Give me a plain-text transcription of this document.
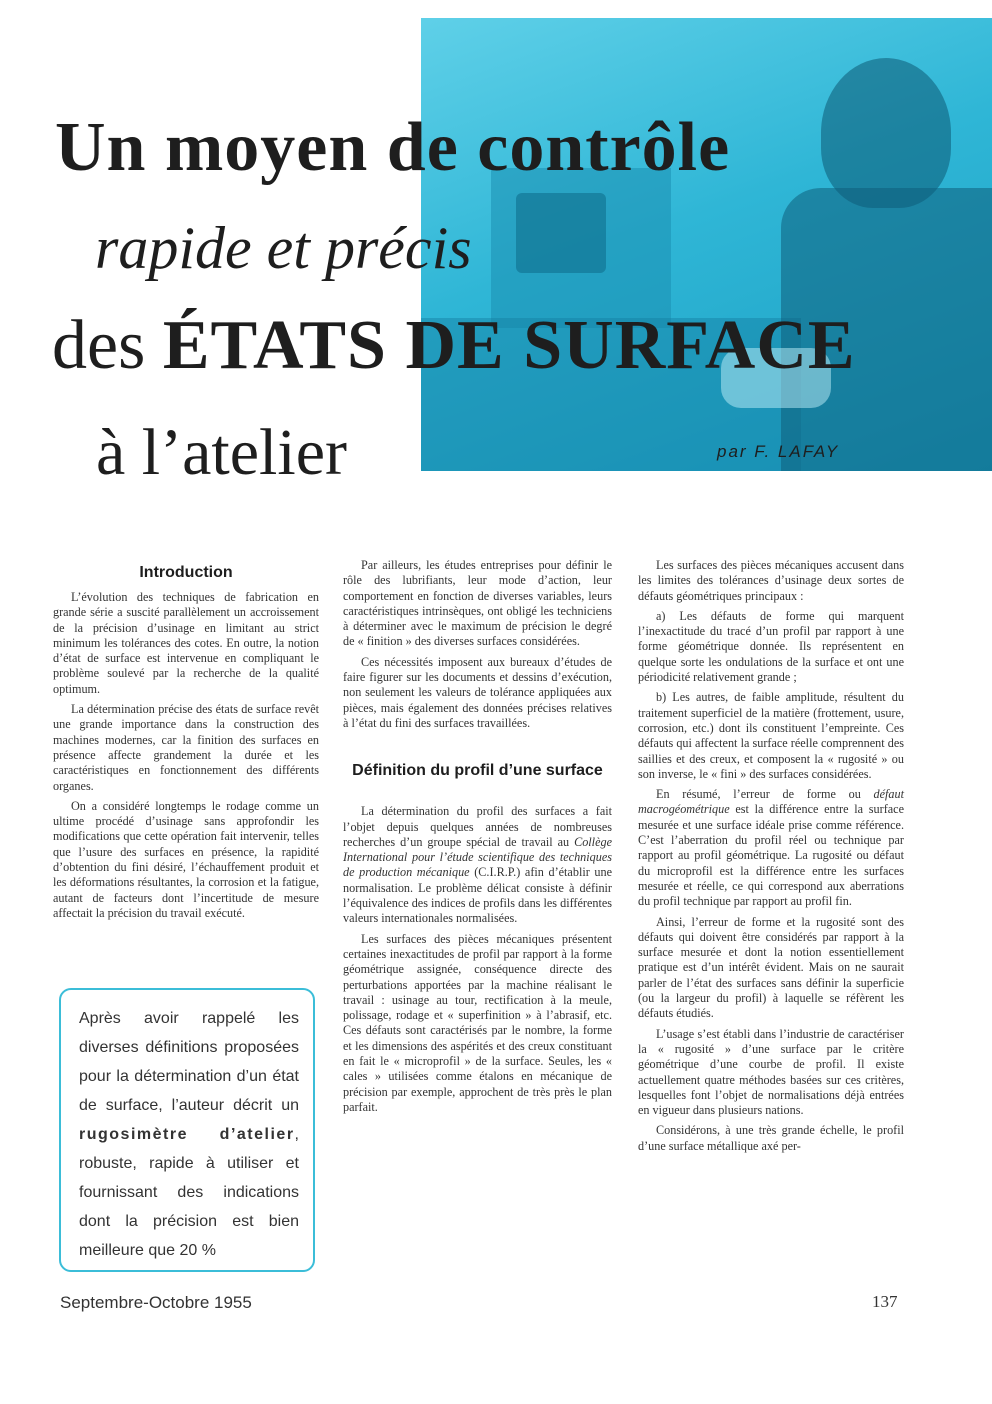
Un moyen de contrôle
rapide et précis
des ÉTATS DE SURFACE
à l’atelier	par F. LAFAY
Introduction

L’évolution des techniques de fabrication en grande série a suscité parallèlement un accroissement de la précision d’usinage en limitant au strict minimum les tolérances des cotes. En outre, la notion d’état de surface est intervenue en compliquant le problème soulevé par la recherche de la qualité optimum.

La détermination précise des états de surface revêt une grande importance dans la construction des machines modernes, car la finition des surfaces en présence affecte grandement la durée et les caractéristiques en fonctionnement des différents organes.

On a considéré longtemps le rodage comme un ultime procédé d’usinage sans approfondir les modifications que cette opération fait intervenir, telles que l’usure des surfaces en présence, la rapidité d’obtention du fini désiré, l’échauffement produit et les déformations résultantes, la corrosion et la fatigue, autant de facteurs dont l’incertitude de mesure affectait la précision du travail exécuté.

Après avoir rappelé les diverses définitions proposées pour la détermination d’un état de surface, l’auteur décrit un rugosimètre d’atelier, robuste, rapide à utiliser et fournissant des indications dont la précision est bien meilleure que 20 %

Par ailleurs, les études entreprises pour définir le rôle des lubrifiants, leur mode d’action, leur comportement en fonction de diverses variables, leurs caractéristiques intrinsèques, ont obligé les techniciens à déterminer avec le maximum de précision le degré de « finition » des diverses surfaces considérées.

Ces nécessités imposent aux bureaux d’études de faire figurer sur les documents et dessins d’exécution, non seulement les valeurs de tolérance appliquées aux pièces, mais également des données précises relatives à l’état du fini des surfaces travaillées.

Définition du profil d’une surface

La détermination du profil des surfaces a fait l’objet depuis quelques années de nombreuses recherches d’un groupe spécial de travail au Collège International pour l’étude scientifique des techniques de production mécanique (C.I.R.P.) afin d’établir une normalisation. Le problème délicat consiste à définir l’équivalence des indices de profils dans les différentes valeurs internationales normalisées.

Les surfaces des pièces mécaniques présentent certaines inexactitudes de profil par rapport à la forme géométrique assignée, conséquence directe des perturbations apportées par la machine réalisant le travail : usinage au tour, rectification à la meule, polissage, rodage et « superfinition » à l’abrasif, etc. Ces défauts sont caractérisés par le nombre, la forme et les dimensions des aspérités et des creux constituant en fait le « microprofil » de la surface. Seules, les « cales » utilisées comme étalons en mécanique de précision par exemple, approchent de très près le plan parfait.

Les surfaces des pièces mécaniques accusent dans les limites des tolérances d’usinage deux sortes de défauts géométriques principaux :

a) Les défauts de forme qui marquent l’inexactitude du tracé d’un profil par rapport à une forme géométrique donnée. Ils représentent en quelque sorte les ondulations de la surface et ont une périodicité relativement grande ;

b) Les autres, de faible amplitude, résultent du traitement superficiel de la matière (frottement, usure, corrosion, etc.) dont ils constituent l’empreinte. Ces défauts qui affectent la surface réelle comprennent des saillies et des creux, et composent la « rugosité » ou son inverse, le « fini » des surfaces considérées.

En résumé, l’erreur de forme ou défaut macrogéométrique est la différence entre la surface mesurée et une surface idéale prise comme référence. C’est l’aberration du profil réel ou technique par rapport au profil géométrique. La rugosité ou défaut du microprofil est la différence entre les surfaces mesurée et réelle, ce qui correspond aux aberrations du profil technique par rapport au profil fin.

Ainsi, l’erreur de forme et la rugosité sont des défauts qui doivent être considérés par rapport à la surface mesurée et dont la notion essentiellement pratique est d’un intérêt évident. Mais on ne saurait parler de l’état des surfaces sans définir la superficie (ou la largeur du profil) à laquelle se réfèrent les défauts étudiés.

L’usage s’est établi dans l’industrie de caractériser la « rugosité » d’une surface par le critère géométrique d’une courbe de profil. Il existe actuellement quatre méthodes basées sur ces critères, lesquelles font l’objet de normalisations déjà entrées en vigueur dans plusieurs nations.

Considérons, à une très grande échelle, le profil d’une surface métallique axé per-

Septembre-Octobre 1955	137
